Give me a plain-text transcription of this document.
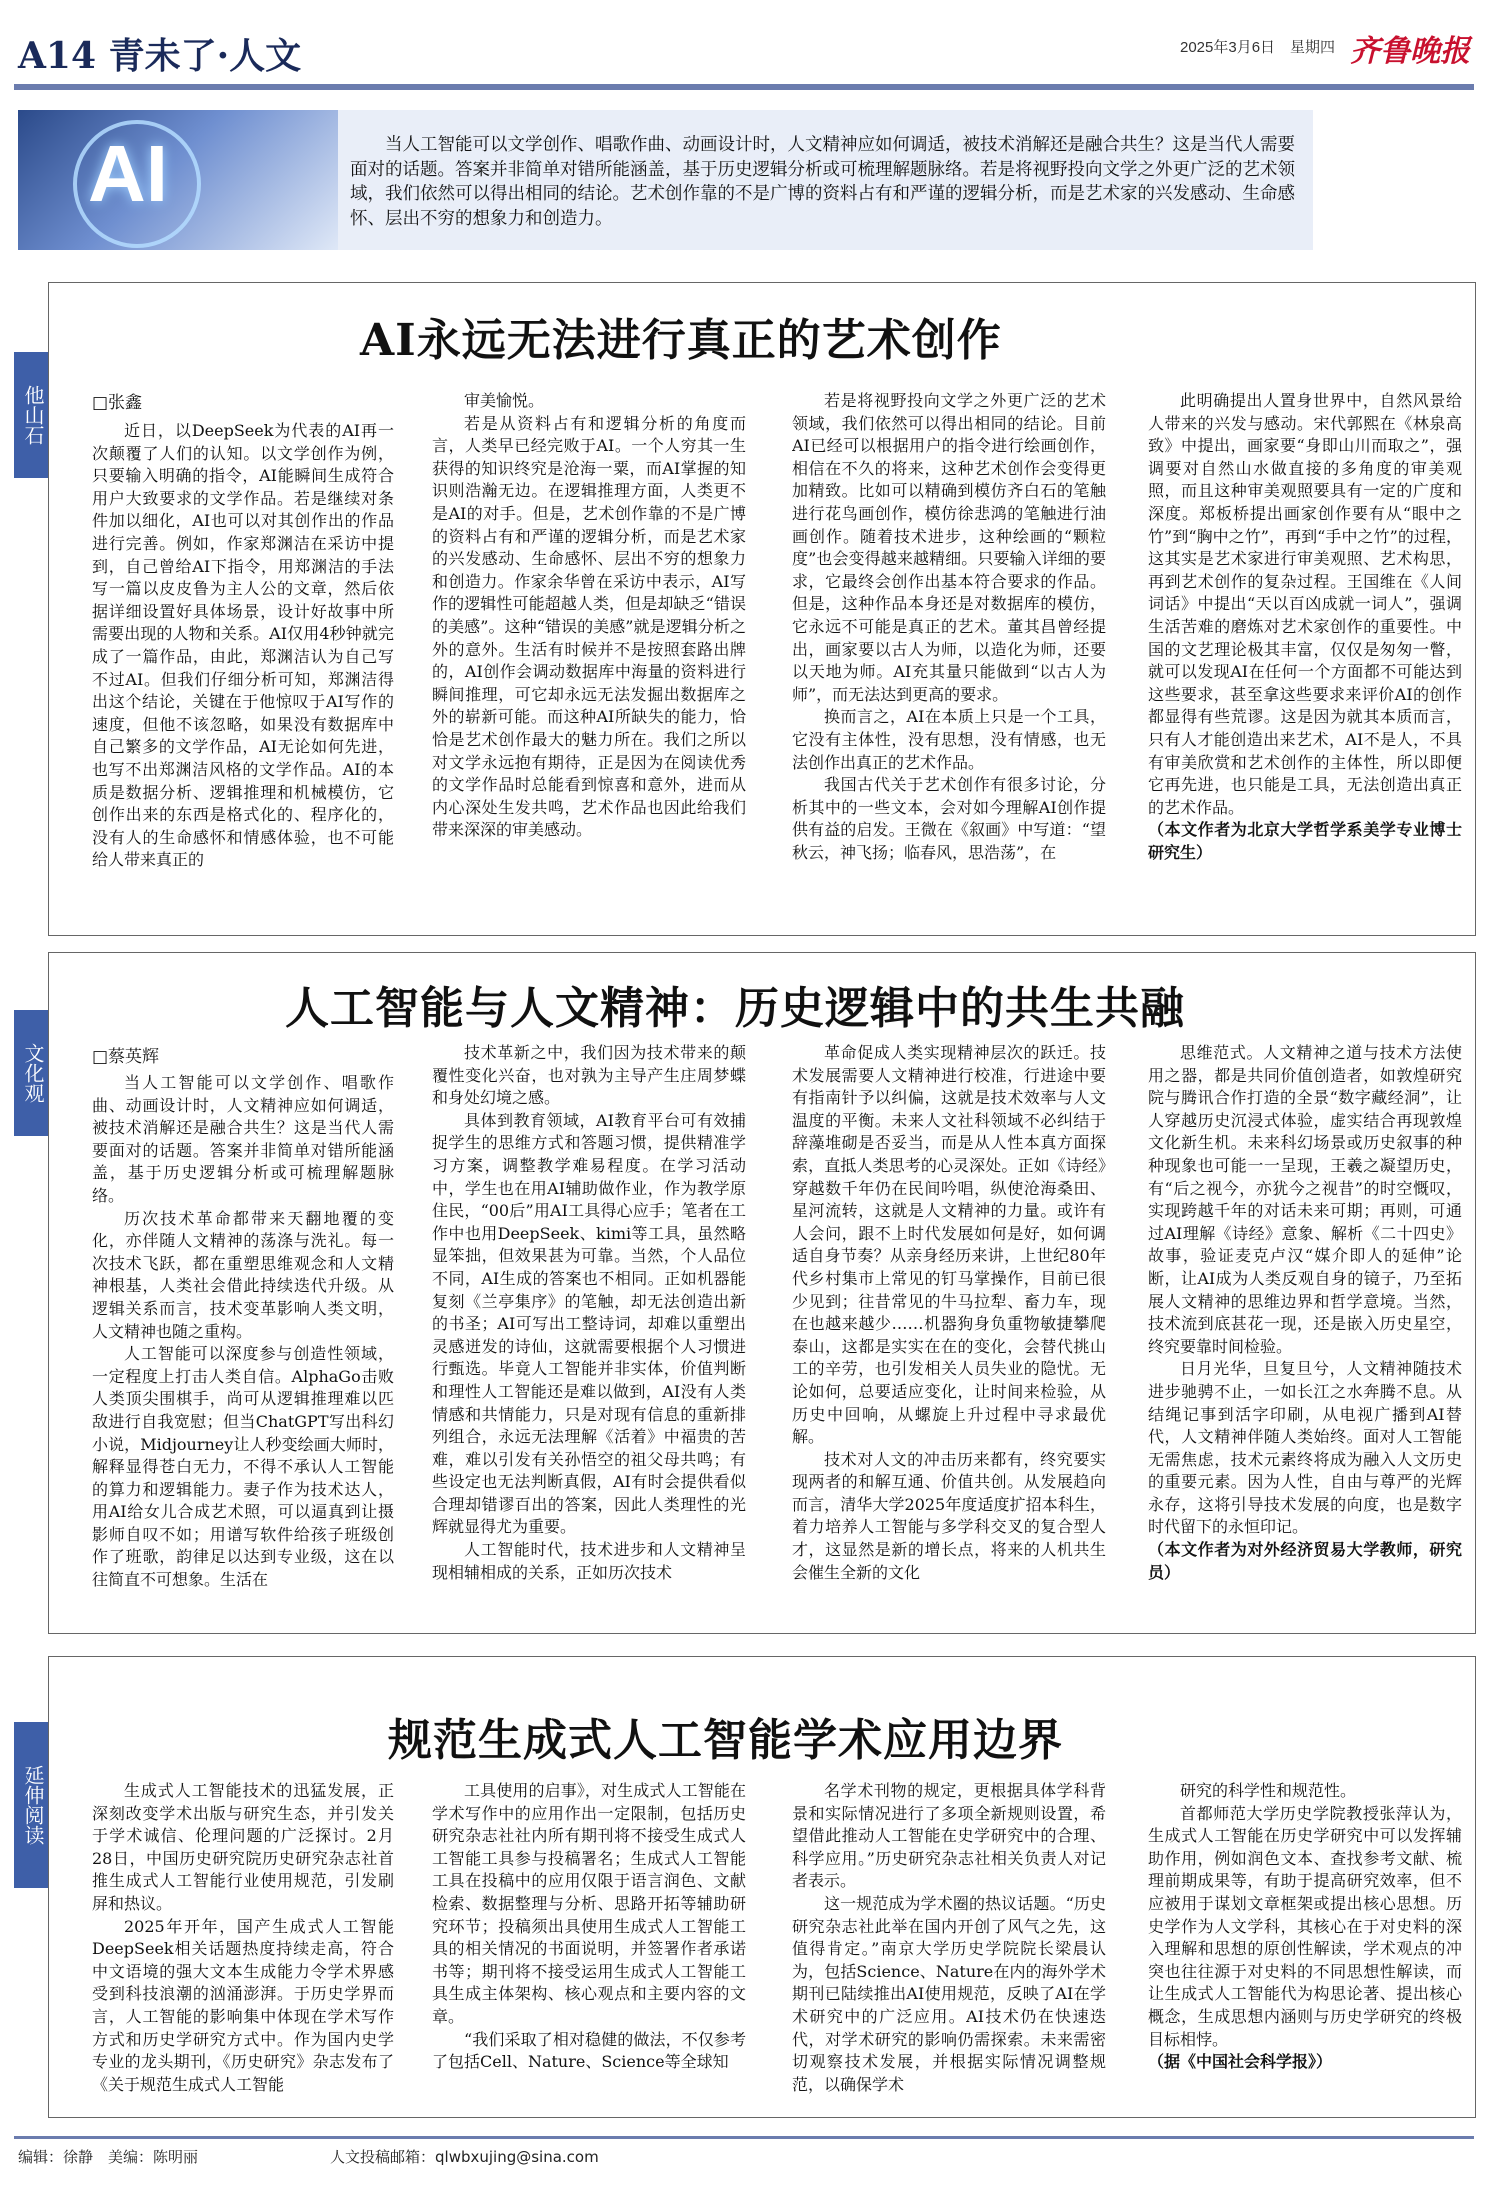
A14 青未了·人文	2025年3月6日　星期四 齐鲁晚报
AI	当人工智能可以文学创作、唱歌作曲、动画设计时，人文精神应如何调适，被技术消解还是融合共生？这是当代人需要面对的话题。答案并非简单对错所能涵盖，基于历史逻辑分析或可梳理解题脉络。若是将视野投向文学之外更广泛的艺术领域，我们依然可以得出相同的结论。艺术创作靠的不是广博的资料占有和严谨的逻辑分析，而是艺术家的兴发感动、生命感怀、层出不穷的想象力和创造力。
他山石
AI永远无法进行真正的艺术创作
□张鑫

近日，以DeepSeek为代表的AI再一次颠覆了人们的认知。以文学创作为例，只要输入明确的指令，AI能瞬间生成符合用户大致要求的文学作品。若是继续对条件加以细化，AI也可以对其创作出的作品进行完善。例如，作家郑渊洁在采访中提到，自己曾给AI下指令，用郑渊洁的手法写一篇以皮皮鲁为主人公的文章，然后依据详细设置好具体场景，设计好故事中所需要出现的人物和关系。AI仅用4秒钟就完成了一篇作品，由此，郑渊洁认为自己写不过AI。但我们仔细分析可知，郑渊洁得出这个结论，关键在于他惊叹于AI写作的速度，但他不该忽略，如果没有数据库中自己繁多的文学作品，AI无论如何先进，也写不出郑渊洁风格的文学作品。AI的本质是数据分析、逻辑推理和机械模仿，它创作出来的东西是格式化的、程序化的，没有人的生命感怀和情感体验，也不可能给人带来真正的

审美愉悦。

若是从资料占有和逻辑分析的角度而言，人类早已经完败于AI。一个人穷其一生获得的知识终究是沧海一粟，而AI掌握的知识则浩瀚无边。在逻辑推理方面，人类更不是AI的对手。但是，艺术创作靠的不是广博的资料占有和严谨的逻辑分析，而是艺术家的兴发感动、生命感怀、层出不穷的想象力和创造力。作家余华曾在采访中表示，AI写作的逻辑性可能超越人类，但是却缺乏“错误的美感”。这种“错误的美感”就是逻辑分析之外的意外。生活有时候并不是按照套路出牌的，AI创作会调动数据库中海量的资料进行瞬间推理，可它却永远无法发掘出数据库之外的崭新可能。而这种AI所缺失的能力，恰恰是艺术创作最大的魅力所在。我们之所以对文学永远抱有期待，正是因为在阅读优秀的文学作品时总能看到惊喜和意外，进而从内心深处生发共鸣，艺术作品也因此给我们带来深深的审美感动。

若是将视野投向文学之外更广泛的艺术领域，我们依然可以得出相同的结论。目前AI已经可以根据用户的指令进行绘画创作，相信在不久的将来，这种艺术创作会变得更加精致。比如可以精确到模仿齐白石的笔触进行花鸟画创作，模仿徐悲鸿的笔触进行油画创作。随着技术进步，这种绘画的“颗粒度”也会变得越来越精细。只要输入详细的要求，它最终会创作出基本符合要求的作品。但是，这种作品本身还是对数据库的模仿，它永远不可能是真正的艺术。董其昌曾经提出，画家要以古人为师，以造化为师，还要以天地为师。AI充其量只能做到“以古人为师”，而无法达到更高的要求。

换而言之，AI在本质上只是一个工具，它没有主体性，没有思想，没有情感，也无法创作出真正的艺术作品。

我国古代关于艺术创作有很多讨论，分析其中的一些文本，会对如今理解AI创作提供有益的启发。王微在《叙画》中写道：“望秋云，神飞扬；临春风，思浩荡”，在

此明确提出人置身世界中，自然风景给人带来的兴发与感动。宋代郭熙在《林泉高致》中提出，画家要“身即山川而取之”，强调要对自然山水做直接的多角度的审美观照，而且这种审美观照要具有一定的广度和深度。郑板桥提出画家创作要有从“眼中之竹”到“胸中之竹”，再到“手中之竹”的过程，这其实是艺术家进行审美观照、艺术构思，再到艺术创作的复杂过程。王国维在《人间词话》中提出“天以百凶成就一词人”，强调生活苦难的磨炼对艺术家创作的重要性。中国的文艺理论极其丰富，仅仅是匆匆一瞥，就可以发现AI在任何一个方面都不可能达到这些要求，甚至拿这些要求来评价AI的创作都显得有些荒谬。这是因为就其本质而言，只有人才能创造出来艺术，AI不是人，不具有审美欣赏和艺术创作的主体性，所以即便它再先进，也只能是工具，无法创造出真正的艺术作品。

（本文作者为北京大学哲学系美学专业博士研究生）

文化观
人工智能与人文精神：历史逻辑中的共生共融
□蔡英辉

当人工智能可以文学创作、唱歌作曲、动画设计时，人文精神应如何调适，被技术消解还是融合共生？这是当代人需要面对的话题。答案并非简单对错所能涵盖，基于历史逻辑分析或可梳理解题脉络。

历次技术革命都带来天翻地覆的变化，亦伴随人文精神的荡涤与洗礼。每一次技术飞跃，都在重塑思维观念和人文精神根基，人类社会借此持续迭代升级。从逻辑关系而言，技术变革影响人类文明，人文精神也随之重构。

人工智能可以深度参与创造性领域，一定程度上打击人类自信。AlphaGo击败人类顶尖围棋手，尚可从逻辑推理难以匹敌进行自我宽慰；但当ChatGPT写出科幻小说，Midjourney让人秒变绘画大师时，解释显得苍白无力，不得不承认人工智能的算力和逻辑能力。妻子作为技术达人，用AI给女儿合成艺术照，可以逼真到让摄影师自叹不如；用谱写软件给孩子班级创作了班歌，韵律足以达到专业级，这在以往简直不可想象。生活在

技术革新之中，我们因为技术带来的颠覆性变化兴奋，也对孰为主导产生庄周梦蝶和身处幻境之感。

具体到教育领域，AI教育平台可有效捕捉学生的思维方式和答题习惯，提供精准学习方案，调整教学难易程度。在学习活动中，学生也在用AI辅助做作业，作为教学原住民，“00后”用AI工具得心应手；笔者在工作中也用DeepSeek、kimi等工具，虽然略显笨拙，但效果甚为可靠。当然，个人品位不同，AI生成的答案也不相同。正如机器能复刻《兰亭集序》的笔触，却无法创造出新的书圣；AI可写出工整诗词，却难以重塑出灵感迸发的诗仙，这就需要根据个人习惯进行甄选。毕竟人工智能并非实体，价值判断和理性人工智能还是难以做到，AI没有人类情感和共情能力，只是对现有信息的重新排列组合，永远无法理解《活着》中福贵的苦难，难以引发有关孙悟空的祖父母共鸣；有些设定也无法判断真假，AI有时会提供看似合理却错谬百出的答案，因此人类理性的光辉就显得尤为重要。

人工智能时代，技术进步和人文精神呈现相辅相成的关系，正如历次技术

革命促成人类实现精神层次的跃迁。技术发展需要人文精神进行校准，行进途中要有指南针予以纠偏，这就是技术效率与人文温度的平衡。未来人文社科领域不必纠结于辞藻堆砌是否妥当，而是从人性本真方面探索，直抵人类思考的心灵深处。正如《诗经》穿越数千年仍在民间吟唱，纵使沧海桑田、星河流转，这就是人文精神的力量。或许有人会问，跟不上时代发展如何是好，如何调适自身节奏？从亲身经历来讲，上世纪80年代乡村集市上常见的钉马掌操作，目前已很少见到；往昔常见的牛马拉犁、畜力车，现在也越来越少……机器狗身负重物敏捷攀爬泰山，这都是实实在在的变化，会替代挑山工的辛劳，也引发相关人员失业的隐忧。无论如何，总要适应变化，让时间来检验，从历史中回响，从螺旋上升过程中寻求最优解。

技术对人文的冲击历来都有，终究要实现两者的和解互通、价值共创。从发展趋向而言，清华大学2025年度适度扩招本科生，着力培养人工智能与多学科交叉的复合型人才，这显然是新的增长点，将来的人机共生会催生全新的文化

思维范式。人文精神之道与技术方法使用之器，都是共同价值创造者，如敦煌研究院与腾讯合作打造的全景“数字藏经洞”，让人穿越历史沉浸式体验，虚实结合再现敦煌文化新生机。未来科幻场景或历史叙事的种种现象也可能一一呈现，王羲之凝望历史，有“后之视今，亦犹今之视昔”的时空慨叹，实现跨越千年的对话未来可期；再则，可通过AI理解《诗经》意象、解析《二十四史》故事，验证麦克卢汉“媒介即人的延伸”论断，让AI成为人类反观自身的镜子，乃至拓展人文精神的思维边界和哲学意境。当然，技术流到底甚花一现，还是嵌入历史星空，终究要靠时间检验。

日月光华，旦复旦兮，人文精神随技术进步驰骋不止，一如长江之水奔腾不息。从结绳记事到活字印刷，从电视广播到AI替代，人文精神伴随人类始终。面对人工智能无需焦虑，技术元素终将成为融入人文历史的重要元素。因为人性，自由与尊严的光辉永存，这将引导技术发展的向度，也是数字时代留下的永恒印记。

（本文作者为对外经济贸易大学教师，研究员）

延伸阅读
规范生成式人工智能学术应用边界

生成式人工智能技术的迅猛发展，正深刻改变学术出版与研究生态，并引发关于学术诚信、伦理问题的广泛探讨。2月28日，中国历史研究院历史研究杂志社首推生成式人工智能行业使用规范，引发刷屏和热议。

2025年开年，国产生成式人工智能DeepSeek相关话题热度持续走高，符合中文语境的强大文本生成能力令学术界感受到科技浪潮的汹涌澎湃。于历史学界而言，人工智能的影响集中体现在学术写作方式和历史学研究方式中。作为国内史学专业的龙头期刊，《历史研究》杂志发布了《关于规范生成式人工智能

工具使用的启事》，对生成式人工智能在学术写作中的应用作出一定限制，包括历史研究杂志社社内所有期刊将不接受生成式人工智能工具参与投稿署名；生成式人工智能工具在投稿中的应用仅限于语言润色、文献检索、数据整理与分析、思路开拓等辅助研究环节；投稿须出具使用生成式人工智能工具的相关情况的书面说明，并签署作者承诺书等；期刊将不接受运用生成式人工智能工具生成主体架构、核心观点和主要内容的文章。

“我们采取了相对稳健的做法，不仅参考了包括Cell、Nature、Science等全球知

名学术刊物的规定，更根据具体学科背景和实际情况进行了多项全新规则设置，希望借此推动人工智能在史学研究中的合理、科学应用。”历史研究杂志社相关负责人对记者表示。

这一规范成为学术圈的热议话题。“历史研究杂志社此举在国内开创了风气之先，这值得肯定。”南京大学历史学院院长梁晨认为，包括Science、Nature在内的海外学术期刊已陆续推出AI使用规范，反映了AI在学术研究中的广泛应用。AI技术仍在快速迭代，对学术研究的影响仍需探索。未来需密切观察技术发展，并根据实际情况调整规范，以确保学术

研究的科学性和规范性。

首都师范大学历史学院教授张萍认为，生成式人工智能在历史学研究中可以发挥辅助作用，例如润色文本、查找参考文献、梳理前期成果等，有助于提高研究效率，但不应被用于谋划文章框架或提出核心思想。历史学作为人文学科，其核心在于对史料的深入理解和思想的原创性解读，学术观点的冲突也往往源于对史料的不同思想性解读，而让生成式人工智能代为构思论著、提出核心概念，生成思想内涵则与历史学研究的终极目标相悖。

（据《中国社会科学报》）

编辑：徐静　美编：陈明丽	人文投稿邮箱：qlwbxujing@sina.com
